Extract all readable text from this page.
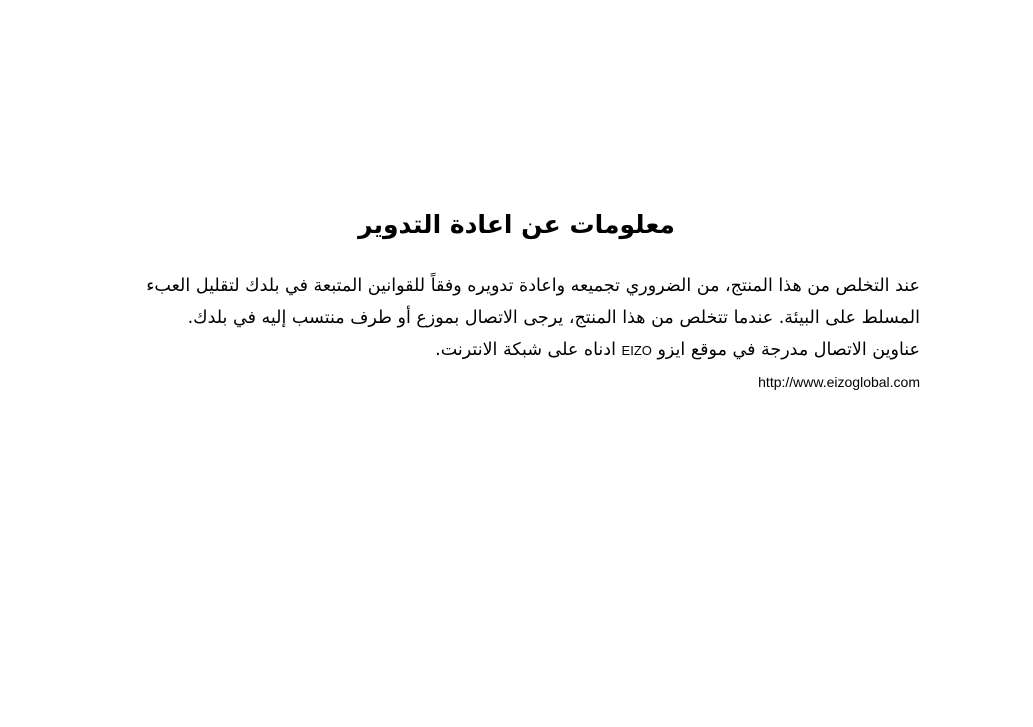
معلومات عن اعادة التدوير

عند التخلص من هذا المنتج، من الضروري تجميعه واعادة تدويره وفقاً للقوانين المتبعة في بلدك لتقليل العبء
المسلط على البيئة. عندما تتخلص من هذا المنتج، يرجى الاتصال بموزع أو طرف منتسب إليه في بلدك.
عناوين الاتصال مدرجة في موقع ايزو EIZO ادناه على شبكة الانترنت.

http://www.eizoglobal.com
